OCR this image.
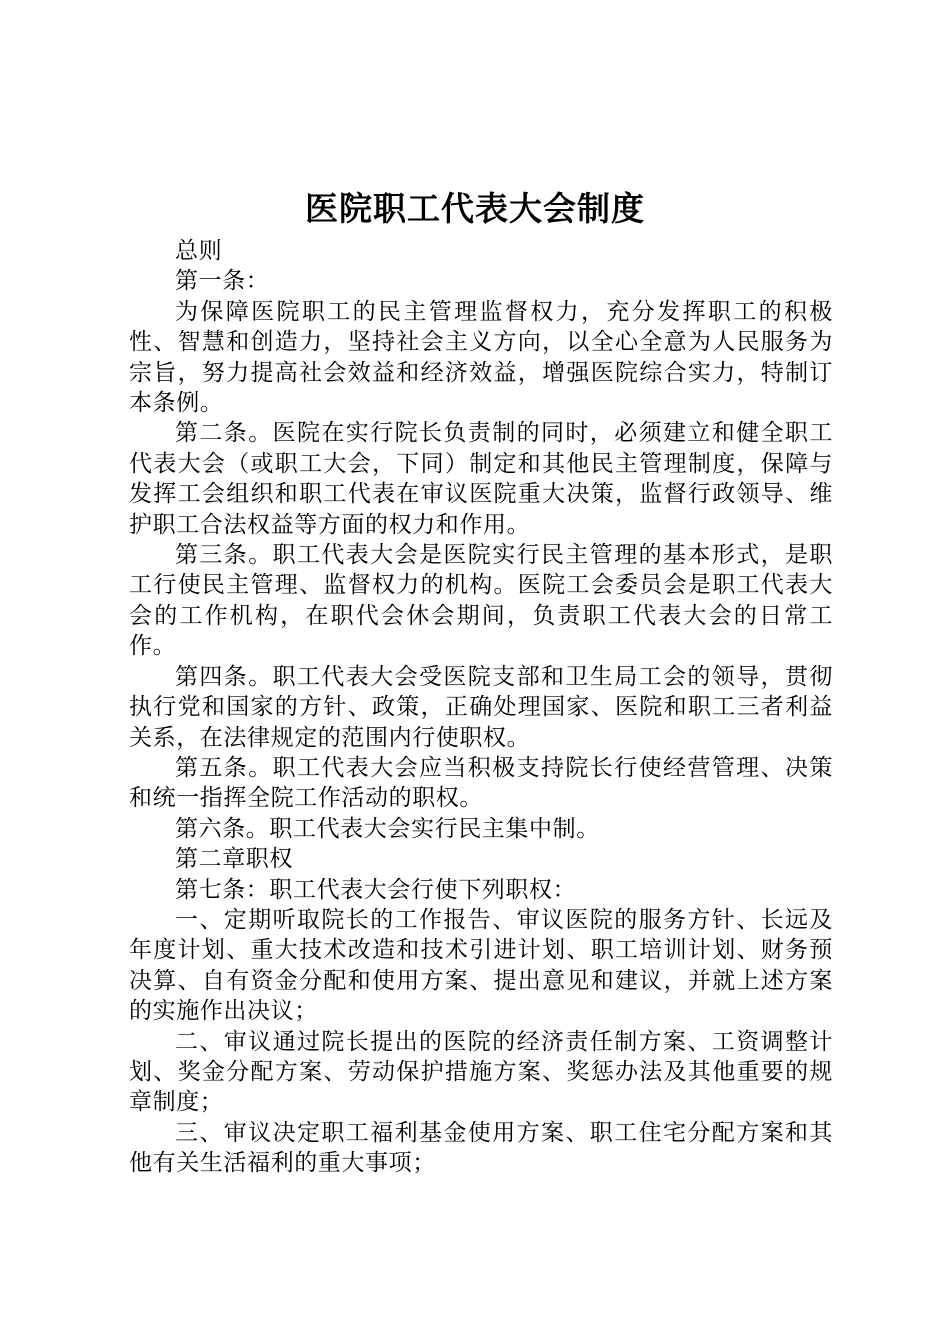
医院职工代表大会制度

总则

第一条：

为保障医院职工的民主管理监督权力，充分发挥职工的积极性、智慧和创造力，坚持社会主义方向，以全心全意为人民服务为宗旨，努力提高社会效益和经济效益，增强医院综合实力，特制订本条例。

第二条。医院在实行院长负责制的同时，必须建立和健全职工代表大会（或职工大会，下同）制定和其他民主管理制度，保障与发挥工会组织和职工代表在审议医院重大决策，监督行政领导、维护职工合法权益等方面的权力和作用。

第三条。职工代表大会是医院实行民主管理的基本形式，是职工行使民主管理、监督权力的机构。医院工会委员会是职工代表大会的工作机构，在职代会休会期间，负责职工代表大会的日常工作。

第四条。职工代表大会受医院支部和卫生局工会的领导，贯彻执行党和国家的方针、政策，正确处理国家、医院和职工三者利益关系，在法律规定的范围内行使职权。

第五条。职工代表大会应当积极支持院长行使经营管理、决策和统一指挥全院工作活动的职权。

第六条。职工代表大会实行民主集中制。

第二章职权

第七条：职工代表大会行使下列职权：

一、定期听取院长的工作报告、审议医院的服务方针、长远及年度计划、重大技术改造和技术引进计划、职工培训计划、财务预决算、自有资金分配和使用方案、提出意见和建议，并就上述方案的实施作出决议；

二、审议通过院长提出的医院的经济责任制方案、工资调整计划、奖金分配方案、劳动保护措施方案、奖惩办法及其他重要的规章制度；

三、审议决定职工福利基金使用方案、职工住宅分配方案和其他有关生活福利的重大事项；
